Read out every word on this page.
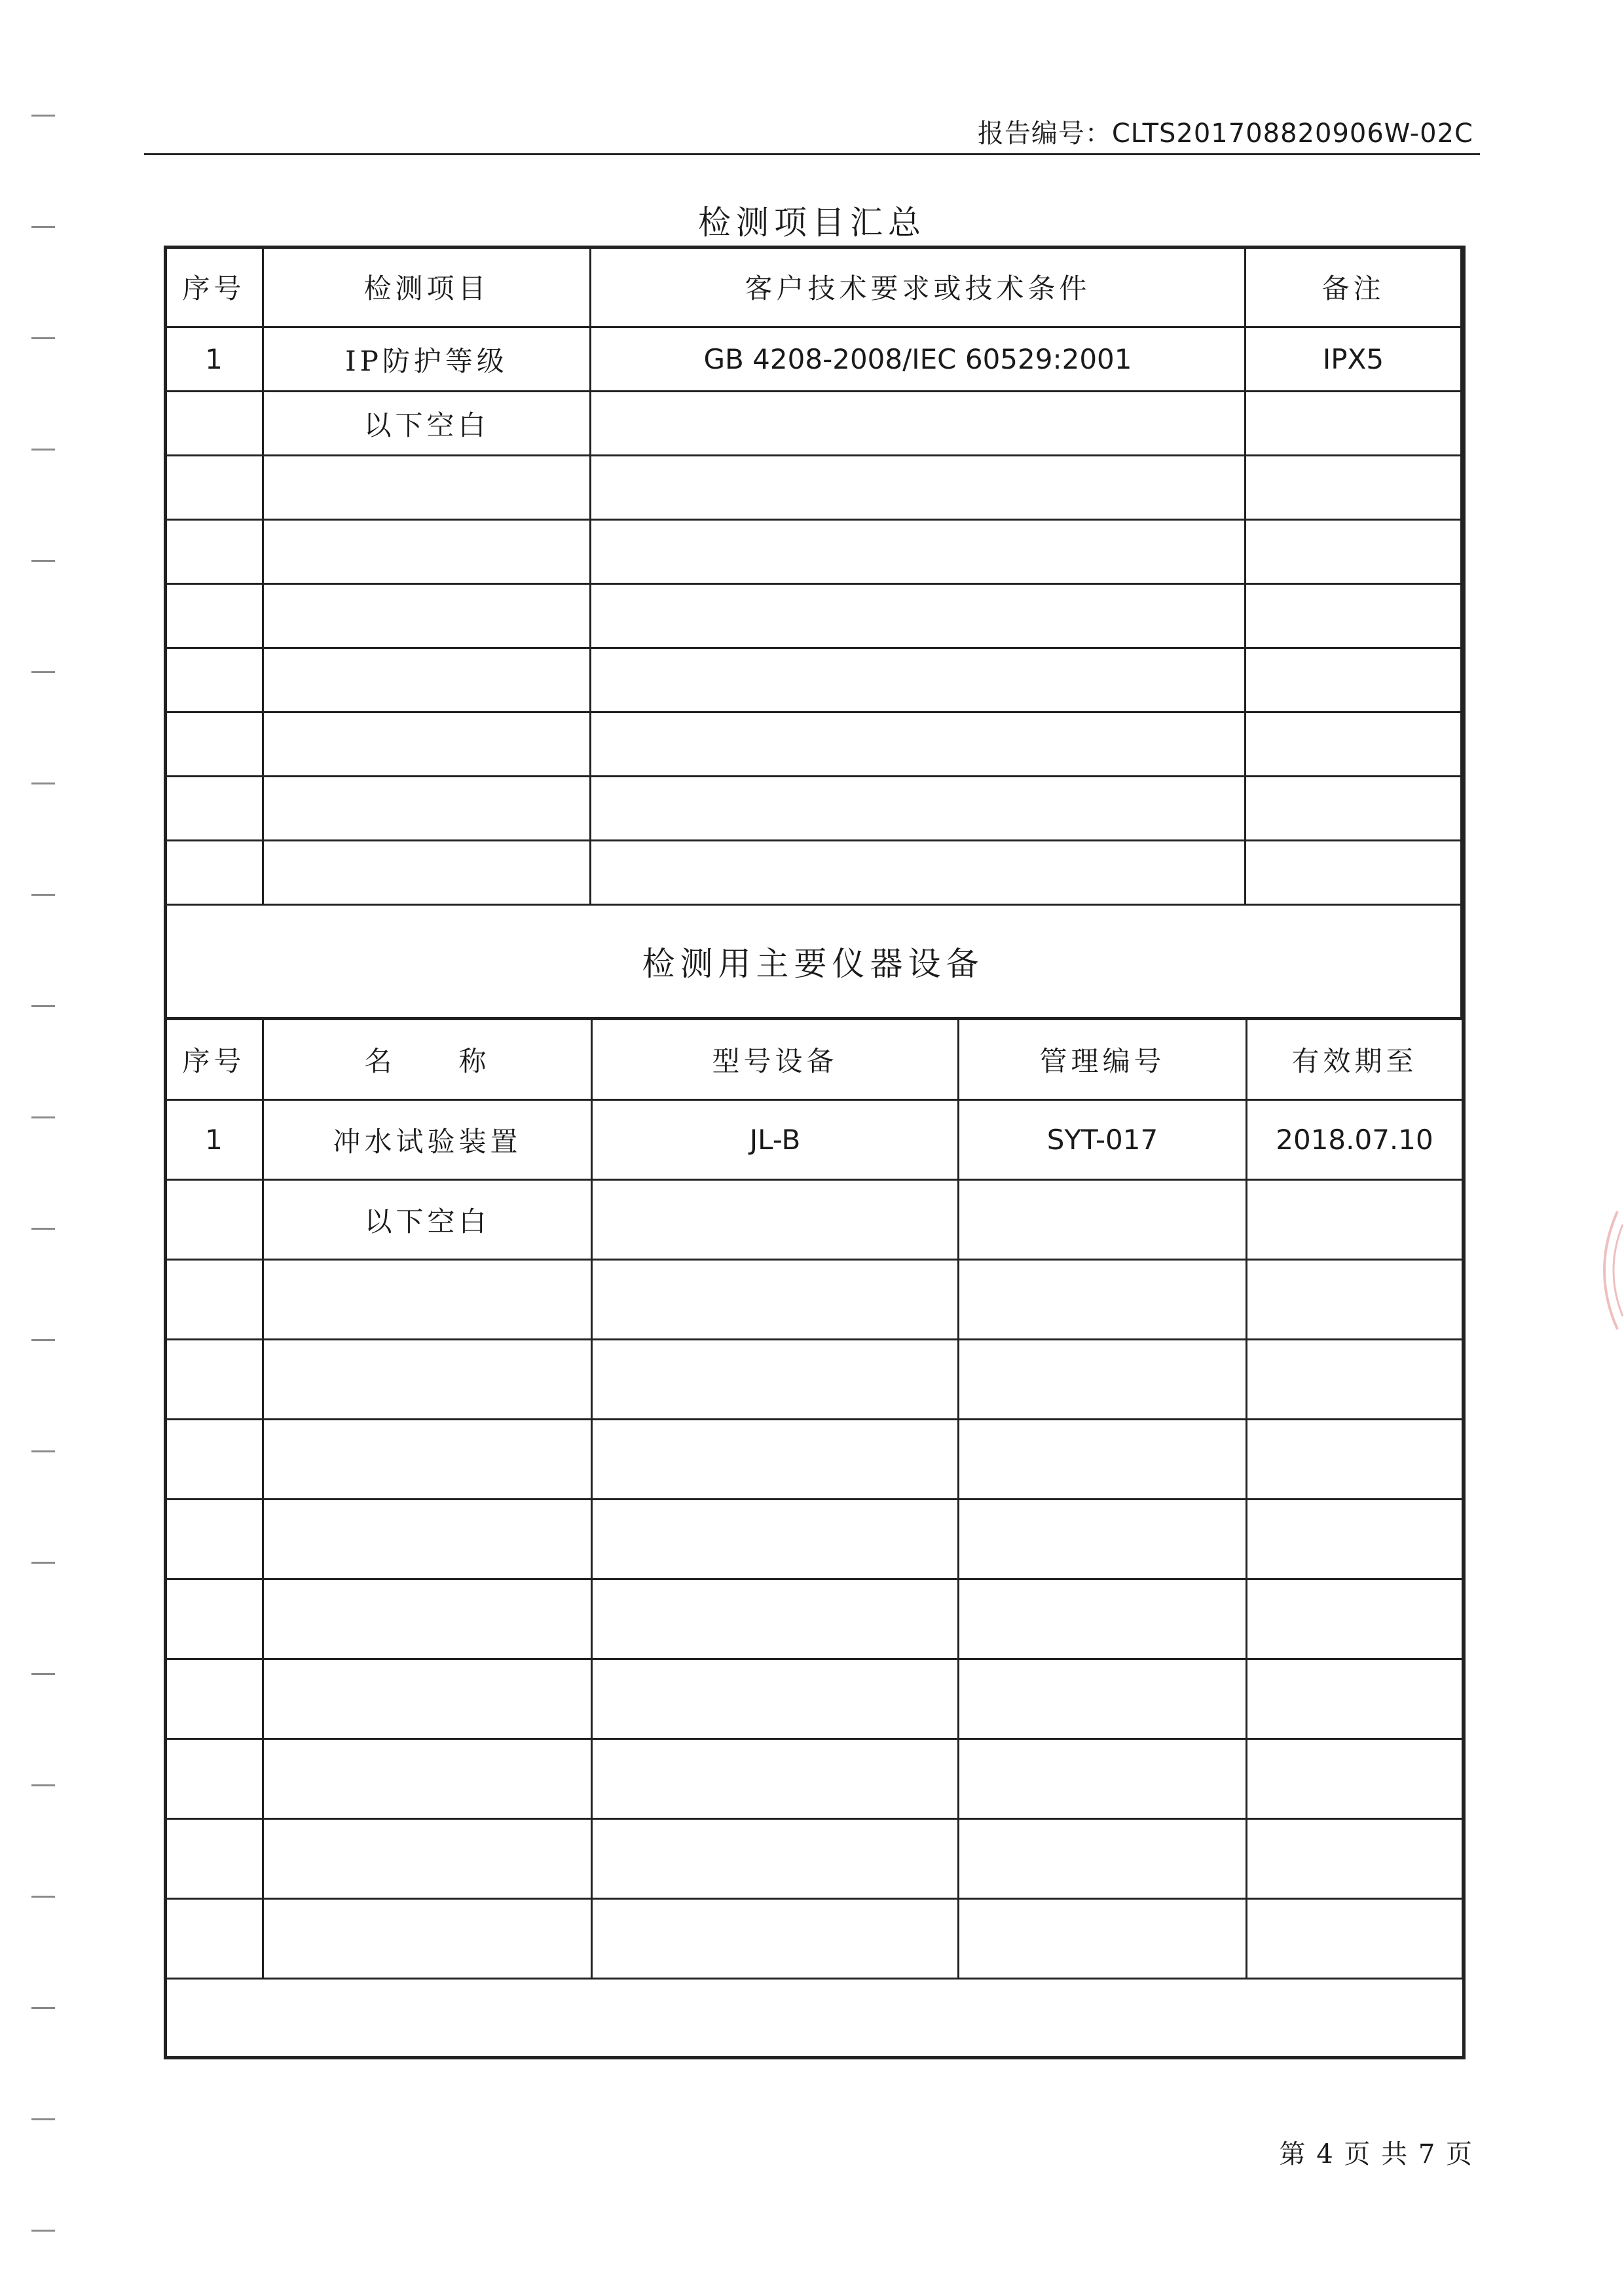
报告编号：CLTS201708820906W-02C
检测项目汇总
序号	检测项目	客户技术要求或技术条件	备注
1	IP防护等级	GB 4208-2008/IEC 60529:2001	IPX5
	以下空白		

检测用主要仪器设备			
序号	名　　称	型号设备	管理编号	有效期至
1	冲水试验装置	JL-B	SYT-017	2018.07.10
	以下空白			

第 4 页 共 7 页
